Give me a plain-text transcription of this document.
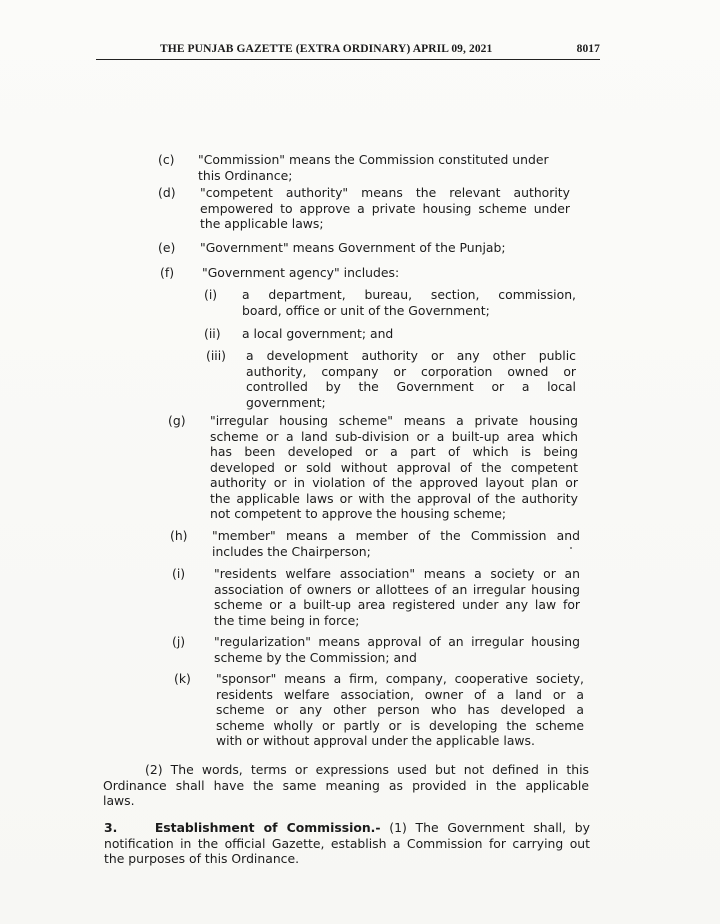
THE PUNJAB GAZETTE (EXTRA ORDINARY) APRIL 09, 2021	8017
(c) "Commission" means the Commission constituted under
this Ordinance;
(d) "competent authority" means the relevant authority
empowered to approve a private housing scheme under
the applicable laws;
(e) "Government" means Government of the Punjab;
(f) "Government agency" includes:
(i) a department, bureau, section, commission,
board, office or unit of the Government;
(ii) a local government; and
(iii) a development authority or any other public
authority, company or corporation owned or
controlled by the Government or a local
government;
(g) "irregular housing scheme" means a private housing
scheme or a land sub-division or a built-up area which
has been developed or a part of which is being
developed or sold without approval of the competent
authority or in violation of the approved layout plan or
the applicable laws or with the approval of the authority
not competent to approve the housing scheme;
(h) "member" means a member of the Commission and
includes the Chairperson;
(i) "residents welfare association" means a society or an
association of owners or allottees of an irregular housing
scheme or a built-up area registered under any law for
the time being in force;
(j) "regularization" means approval of an irregular housing
scheme by the Commission; and
(k) "sponsor" means a firm, company, cooperative society,
residents welfare association, owner of a land or a
scheme or any other person who has developed a
scheme wholly or partly or is developing the scheme
with or without approval under the applicable laws.
(2) The words, terms or expressions used but not defined in this
Ordinance shall have the same meaning as provided in the applicable
laws.
3.	Establishment of Commission.- (1) The Government shall, by
notification in the official Gazette, establish a Commission for carrying out
the purposes of this Ordinance.
